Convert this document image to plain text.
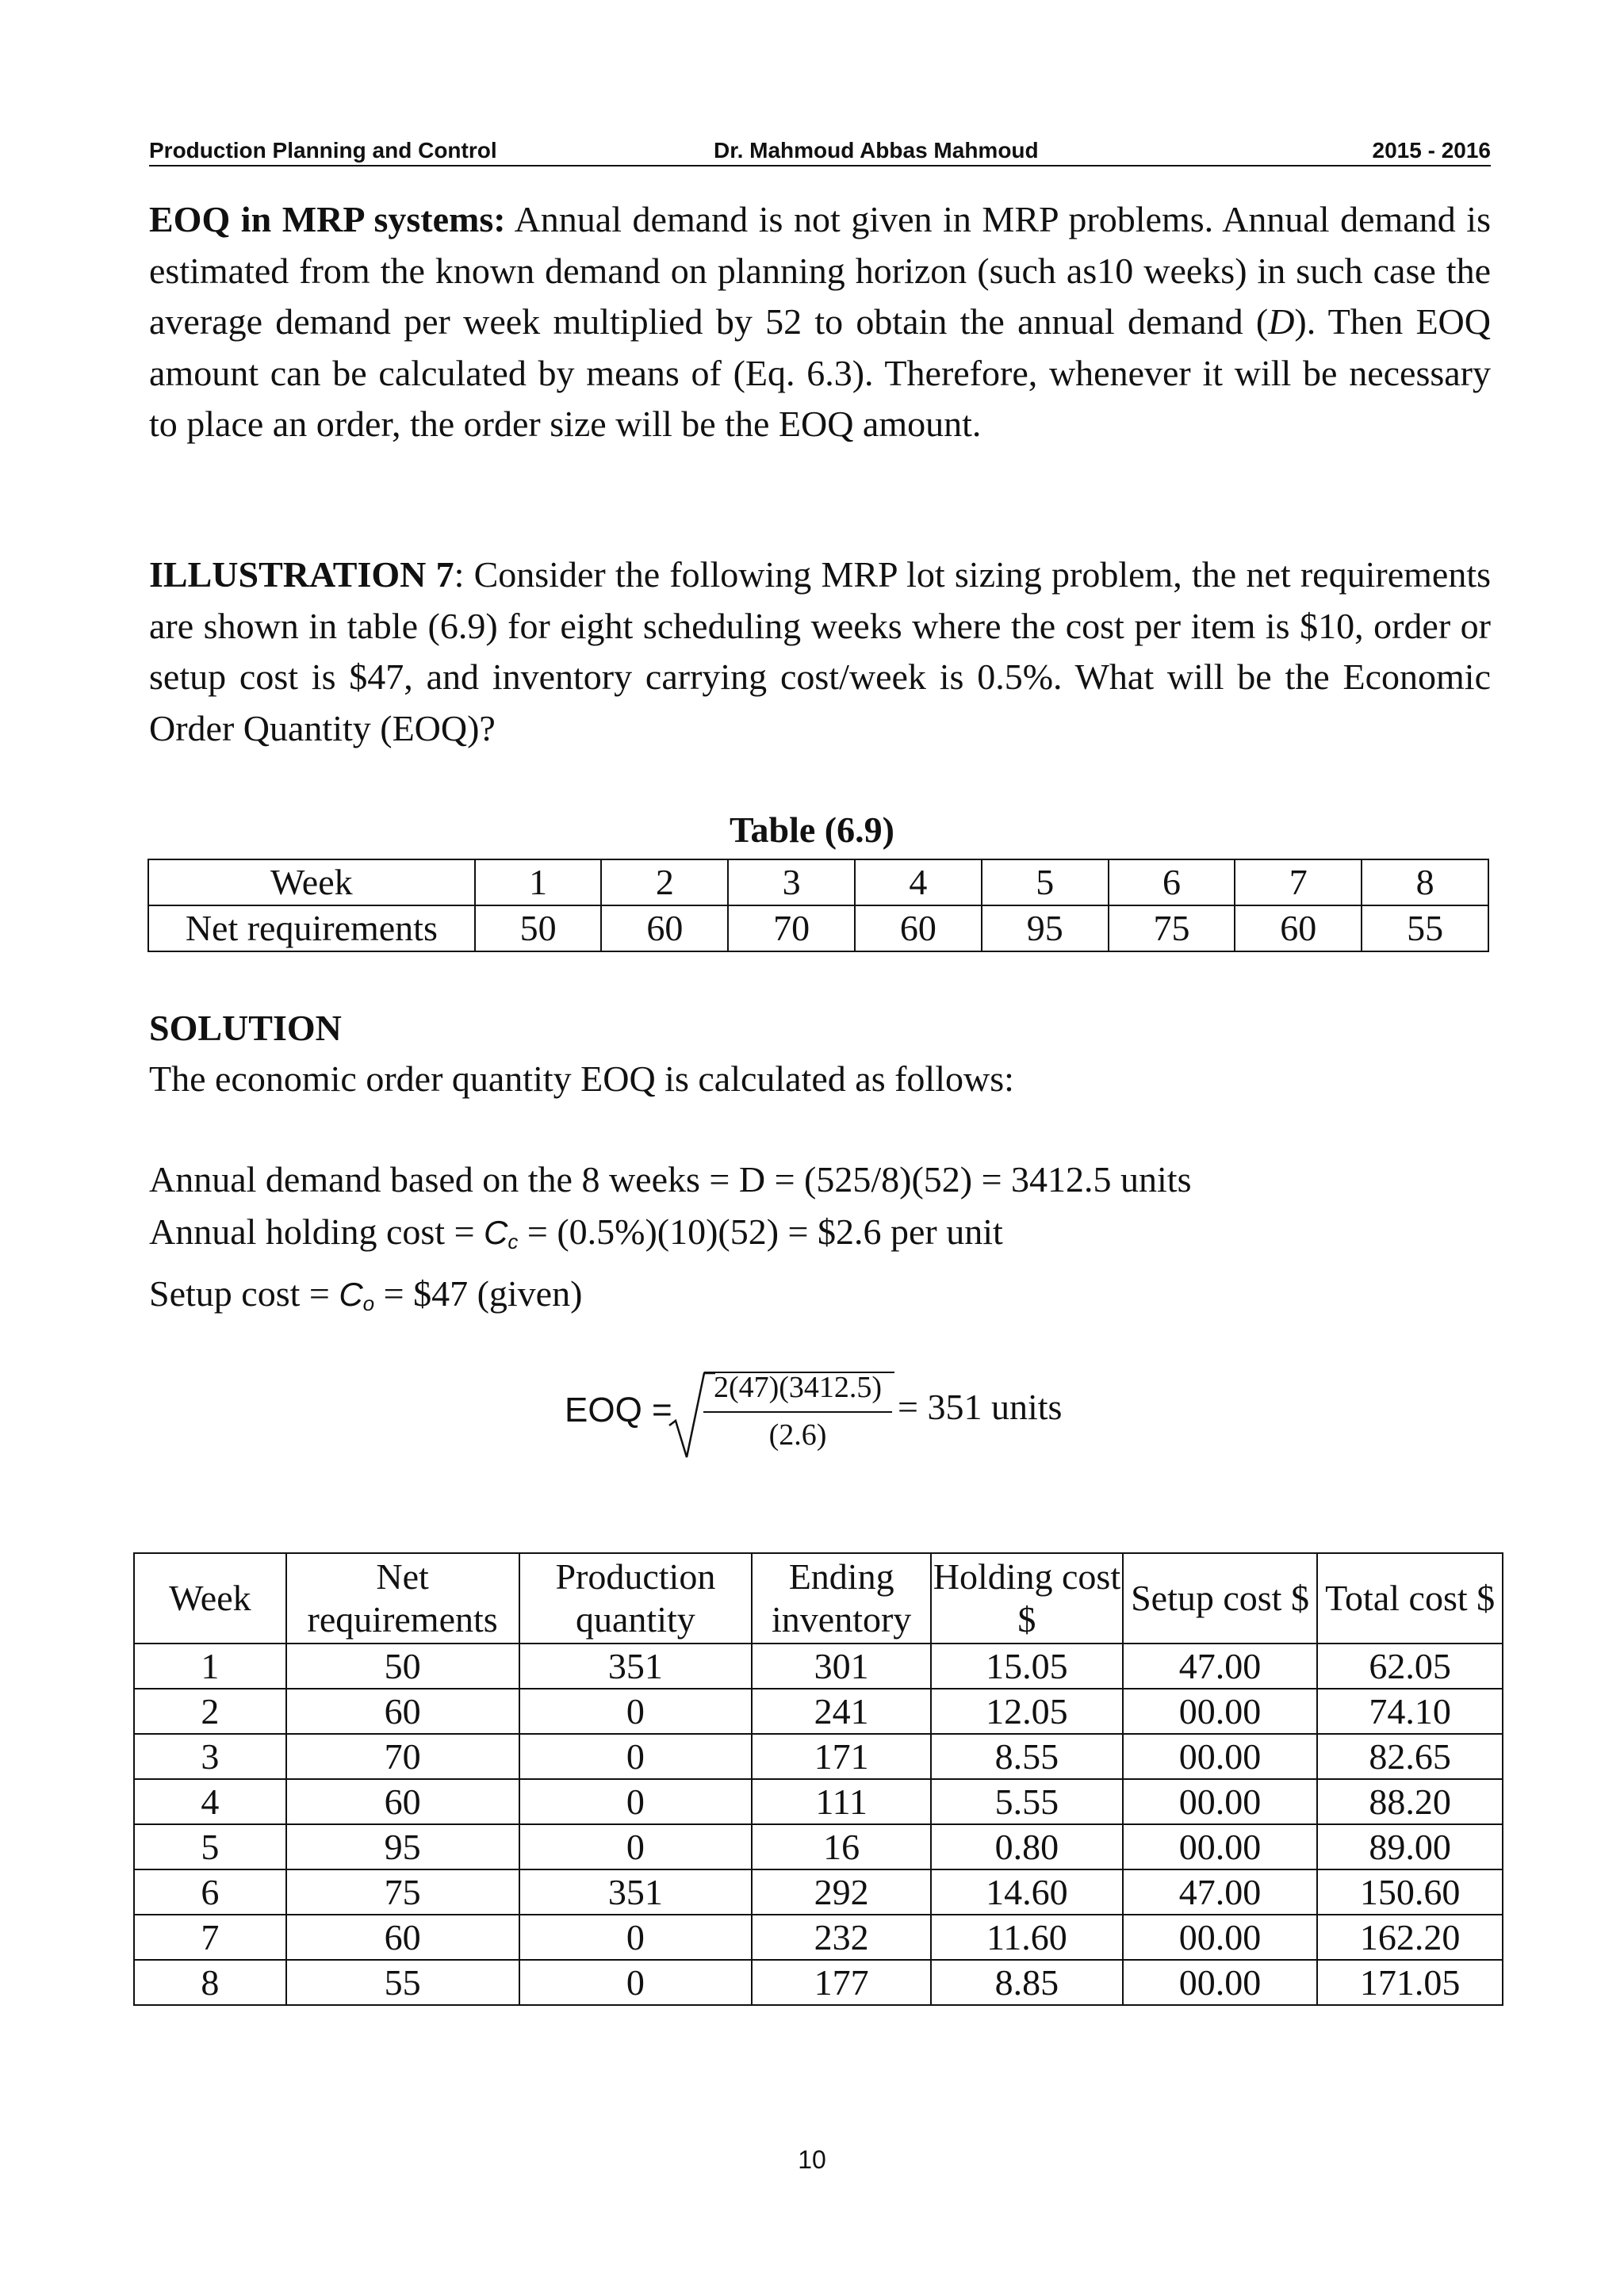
Production Planning and Control	Dr. Mahmoud Abbas Mahmoud	2015 - 2016
EOQ in MRP systems: Annual demand is not given in MRP problems. Annual demand is estimated from the known demand on planning horizon (such as10 weeks) in such case the average demand per week multiplied by 52 to obtain the annual demand (D). Then EOQ amount can be calculated by means of (Eq. 6.3). Therefore, whenever it will be necessary to place an order, the order size will be the EOQ amount.
ILLUSTRATION 7: Consider the following MRP lot sizing problem, the net requirements are shown in table (6.9) for eight scheduling weeks where the cost per item is $10, order or setup cost is $47, and inventory carrying cost/week is 0.5%. What will be the Economic Order Quantity (EOQ)?
Table (6.9)
Week	1	2	3	4	5	6	7	8
Net requirements	50	60	70	60	95	75	60	55
SOLUTION
The economic order quantity EOQ is calculated as follows:
Annual demand based on the 8 weeks = D = (525/8)(52) = 3412.5 units
Annual holding cost = Cc = (0.5%)(10)(52) = $2.6 per unit
Setup cost = Co = $47 (given)
EOQ =
2(47)(3412.5)
(2.6)
= 351 units
Week	Net requirements	Production quantity	Ending inventory	Holding cost $	Setup cost $	Total cost $
1	50	351	301	15.05	47.00	62.05
2	60	0	241	12.05	00.00	74.10
3	70	0	171	8.55	00.00	82.65
4	60	0	111	5.55	00.00	88.20
5	95	0	16	0.80	00.00	89.00
6	75	351	292	14.60	47.00	150.60
7	60	0	232	11.60	00.00	162.20
8	55	0	177	8.85	00.00	171.05
10
